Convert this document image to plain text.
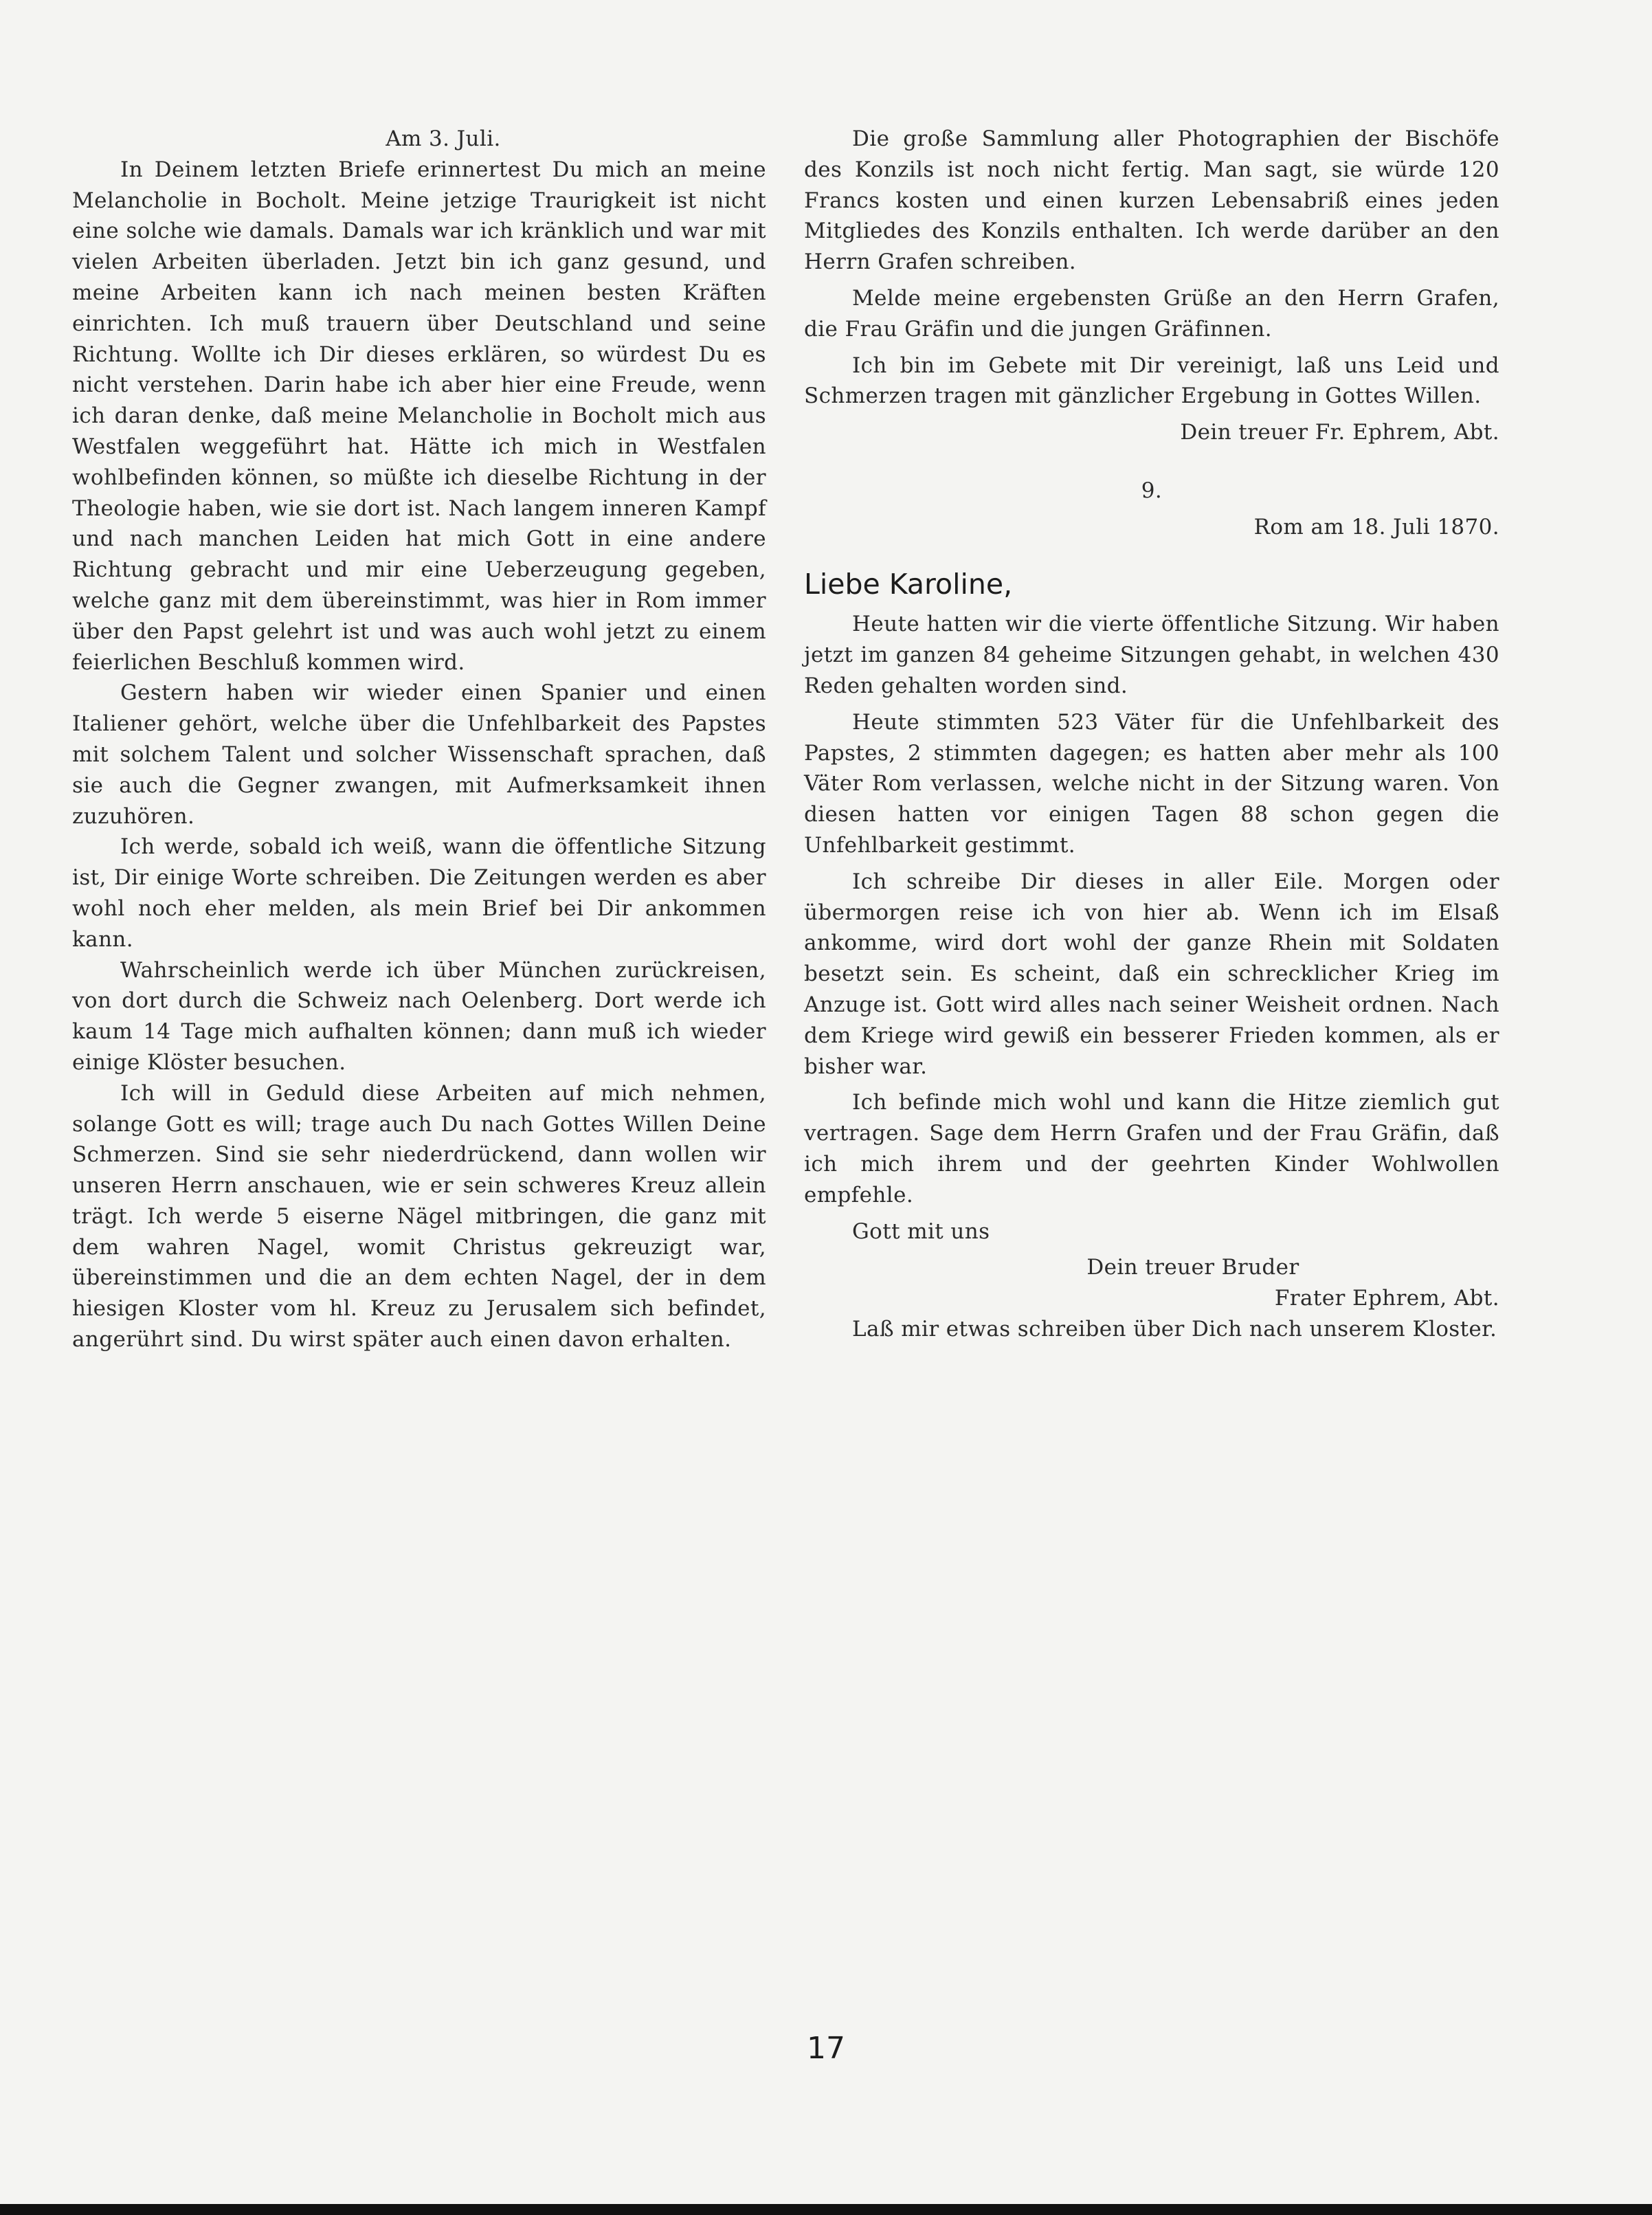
Am 3. Juli.

In Deinem letzten Briefe erinnertest Du mich an meine Melancholie in Bocholt. Meine jetzige Traurigkeit ist nicht eine solche wie damals. Damals war ich kränklich und war mit vielen Arbeiten überladen. Jetzt bin ich ganz gesund, und meine Arbeiten kann ich nach meinen besten Kräften einrichten. Ich muß trauern über Deutschland und seine Richtung. Wollte ich Dir dieses erklären, so würdest Du es nicht verstehen. Darin habe ich aber hier eine Freude, wenn ich daran denke, daß meine Melancholie in Bocholt mich aus Westfalen weggeführt hat. Hätte ich mich in Westfalen wohlbefinden können, so müßte ich dieselbe Richtung in der Theologie haben, wie sie dort ist. Nach langem inneren Kampf und nach manchen Leiden hat mich Gott in eine andere Richtung gebracht und mir eine Ueberzeugung gegeben, welche ganz mit dem übereinstimmt, was hier in Rom immer über den Papst gelehrt ist und was auch wohl jetzt zu einem feierlichen Beschluß kommen wird.

Gestern haben wir wieder einen Spanier und einen Italiener gehört, welche über die Unfehlbarkeit des Papstes mit solchem Talent und solcher Wissenschaft sprachen, daß sie auch die Gegner zwangen, mit Aufmerksamkeit ihnen zuzuhören.

Ich werde, sobald ich weiß, wann die öffentliche Sitzung ist, Dir einige Worte schreiben. Die Zeitungen werden es aber wohl noch eher melden, als mein Brief bei Dir ankommen kann.

Wahrscheinlich werde ich über München zurückreisen, von dort durch die Schweiz nach Oelenberg. Dort werde ich kaum 14 Tage mich aufhalten können; dann muß ich wieder einige Klöster besuchen.

Ich will in Geduld diese Arbeiten auf mich nehmen, solange Gott es will; trage auch Du nach Gottes Willen Deine Schmerzen. Sind sie sehr niederdrückend, dann wollen wir unseren Herrn anschauen, wie er sein schweres Kreuz allein trägt. Ich werde 5 eiserne Nägel mitbringen, die ganz mit dem wahren Nagel, womit Christus gekreuzigt war, übereinstimmen und die an dem echten Nagel, der in dem hiesigen Kloster vom hl. Kreuz zu Jerusalem sich befindet, angerührt sind. Du wirst später auch einen davon erhalten.

Die große Sammlung aller Photographien der Bischöfe des Konzils ist noch nicht fertig. Man sagt, sie würde 120 Francs kosten und einen kurzen Lebensabriß eines jeden Mitgliedes des Konzils enthalten. Ich werde darüber an den Herrn Grafen schreiben.

Melde meine ergebensten Grüße an den Herrn Grafen, die Frau Gräfin und die jungen Gräfinnen.

Ich bin im Gebete mit Dir vereinigt, laß uns Leid und Schmerzen tragen mit gänzlicher Ergebung in Gottes Willen.

Dein treuer Fr. Ephrem, Abt.

9.

Rom am 18. Juli 1870.

Liebe Karoline,

Heute hatten wir die vierte öffentliche Sitzung. Wir haben jetzt im ganzen 84 geheime Sitzungen gehabt, in welchen 430 Reden gehalten worden sind.

Heute stimmten 523 Väter für die Unfehlbarkeit des Papstes, 2 stimmten dagegen; es hatten aber mehr als 100 Väter Rom verlassen, welche nicht in der Sitzung waren. Von diesen hatten vor einigen Tagen 88 schon gegen die Unfehlbarkeit gestimmt.

Ich schreibe Dir dieses in aller Eile. Morgen oder übermorgen reise ich von hier ab. Wenn ich im Elsaß ankomme, wird dort wohl der ganze Rhein mit Soldaten besetzt sein. Es scheint, daß ein schrecklicher Krieg im Anzuge ist. Gott wird alles nach seiner Weisheit ordnen. Nach dem Kriege wird gewiß ein besserer Frieden kommen, als er bisher war.

Ich befinde mich wohl und kann die Hitze ziemlich gut vertragen. Sage dem Herrn Grafen und der Frau Gräfin, daß ich mich ihrem und der geehrten Kinder Wohlwollen empfehle.

Gott mit uns

Dein treuer Bruder

Frater Ephrem, Abt.

Laß mir etwas schreiben über Dich nach unserem Kloster.

17
